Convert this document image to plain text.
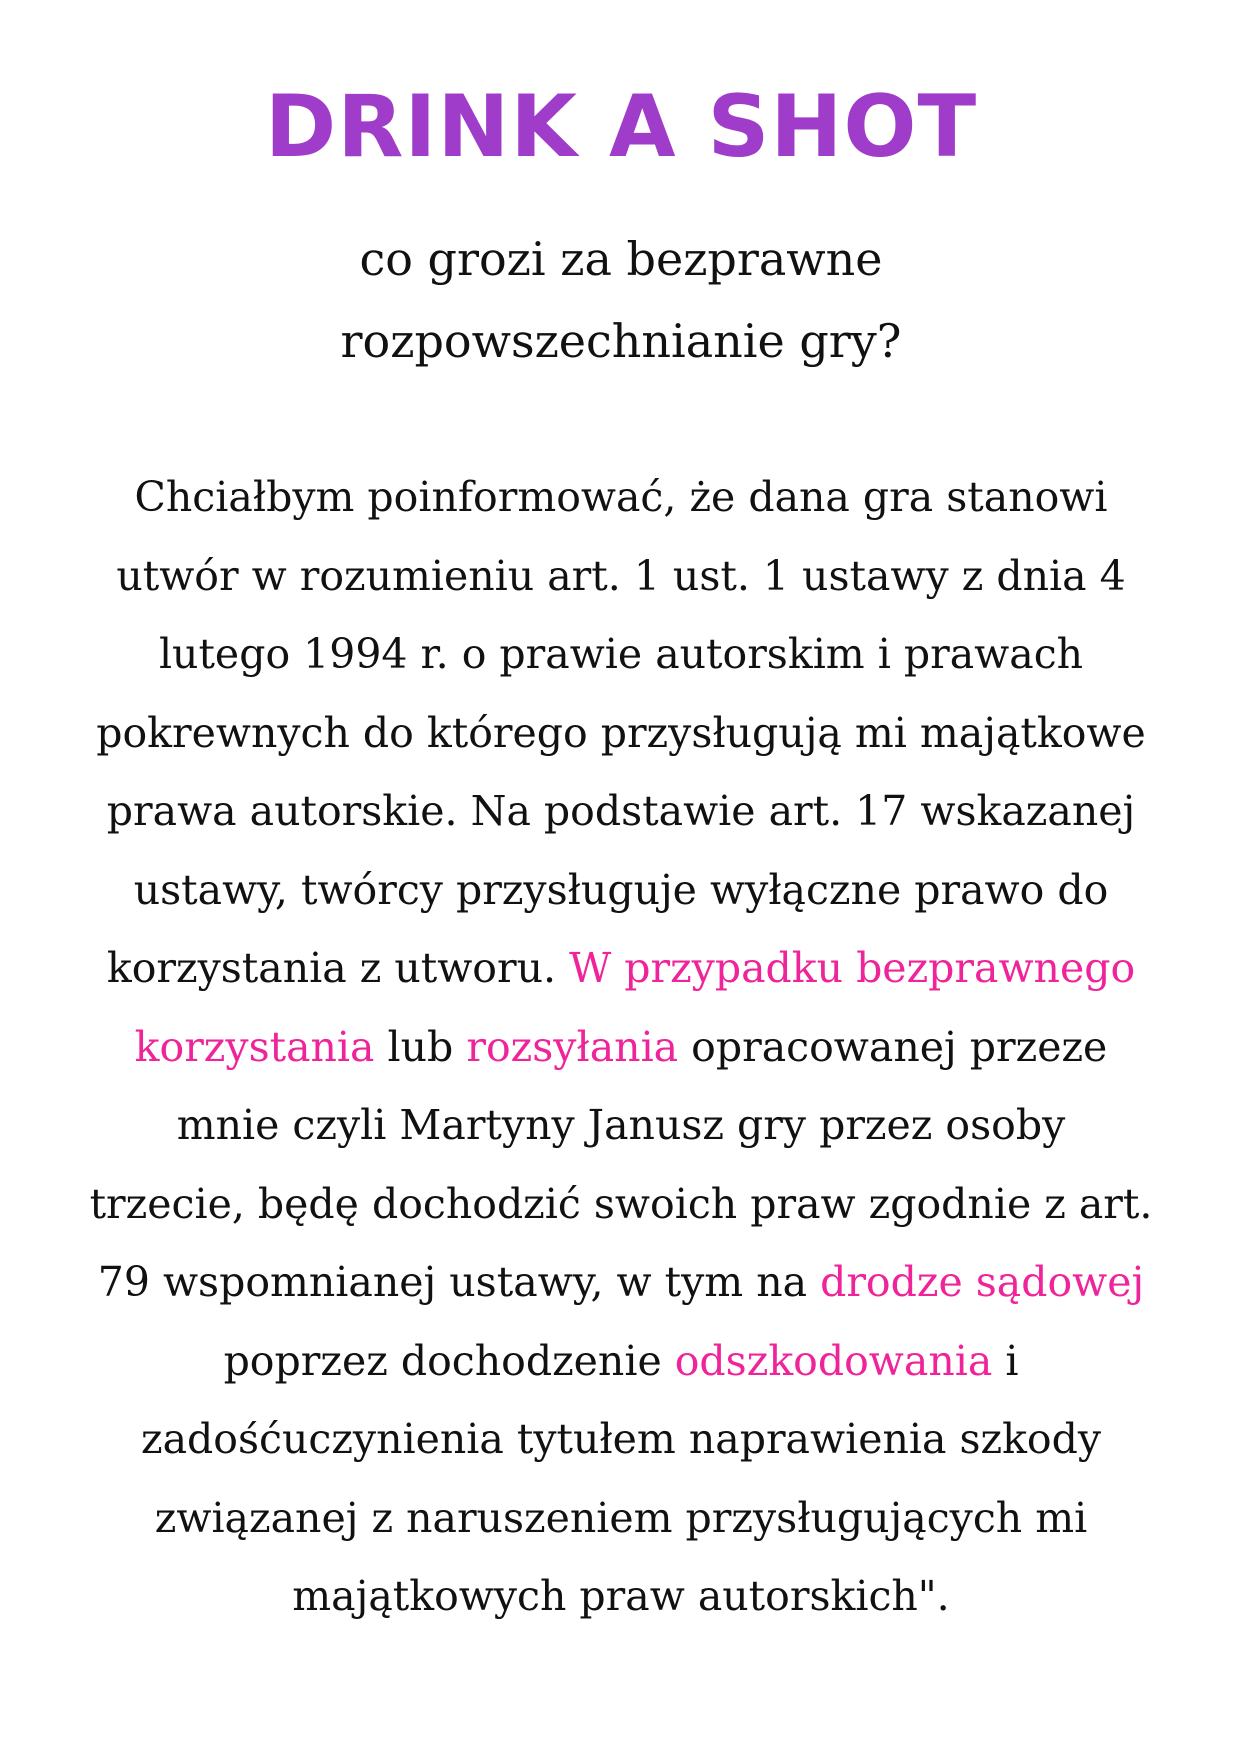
DRINK A SHOT
co grozi za bezprawne
rozpowszechnianie gry?
Chciałbym poinformować, że dana gra stanowi
utwór w rozumieniu art. 1 ust. 1 ustawy z dnia 4
lutego 1994 r. o prawie autorskim i prawach
pokrewnych do którego przysługują mi majątkowe
prawa autorskie. Na podstawie art. 17 wskazanej
ustawy, twórcy przysługuje wyłączne prawo do
korzystania z utworu. W przypadku bezprawnego
korzystania lub rozsyłania opracowanej przeze
mnie czyli Martyny Janusz gry przez osoby
trzecie, będę dochodzić swoich praw zgodnie z art.
79 wspomnianej ustawy, w tym na drodze sądowej
poprzez dochodzenie odszkodowania i
zadośćuczynienia tytułem naprawienia szkody
związanej z naruszeniem przysługujących mi
majątkowych praw autorskich".
